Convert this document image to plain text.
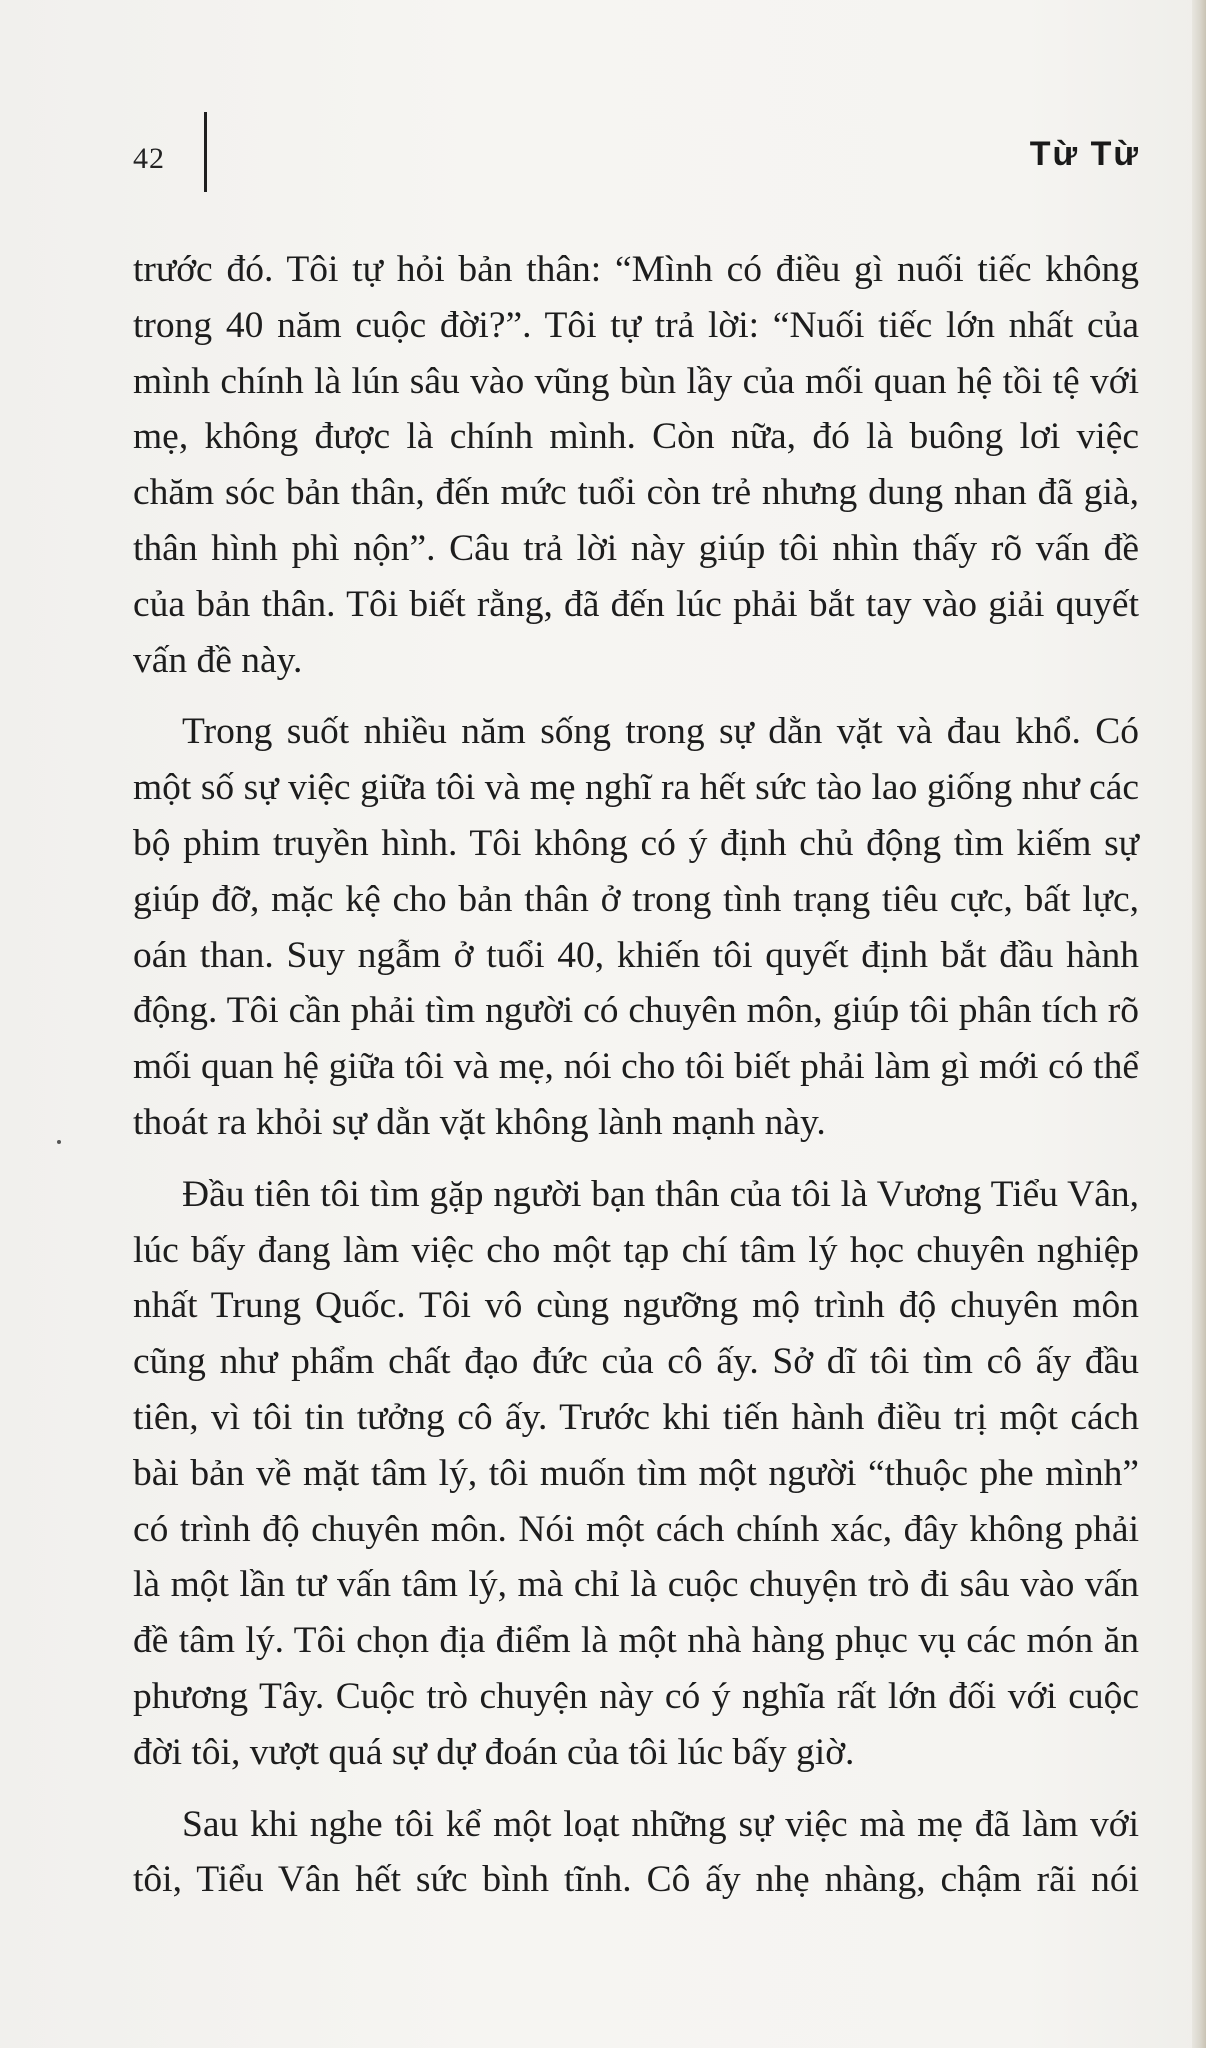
42	Từ Từ

trước đó. Tôi tự hỏi bản thân: “Mình có điều gì nuối tiếc không trong 40 năm cuộc đời?”. Tôi tự trả lời: “Nuối tiếc lớn nhất của mình chính là lún sâu vào vũng bùn lầy của mối quan hệ tồi tệ với mẹ, không được là chính mình. Còn nữa, đó là buông lơi việc chăm sóc bản thân, đến mức tuổi còn trẻ nhưng dung nhan đã già, thân hình phì nộn”. Câu trả lời này giúp tôi nhìn thấy rõ vấn đề của bản thân. Tôi biết rằng, đã đến lúc phải bắt tay vào giải quyết vấn đề này.

Trong suốt nhiều năm sống trong sự dằn vặt và đau khổ. Có một số sự việc giữa tôi và mẹ nghĩ ra hết sức tào lao giống như các bộ phim truyền hình. Tôi không có ý định chủ động tìm kiếm sự giúp đỡ, mặc kệ cho bản thân ở trong tình trạng tiêu cực, bất lực, oán than. Suy ngẫm ở tuổi 40, khiến tôi quyết định bắt đầu hành động. Tôi cần phải tìm người có chuyên môn, giúp tôi phân tích rõ mối quan hệ giữa tôi và mẹ, nói cho tôi biết phải làm gì mới có thể thoát ra khỏi sự dằn vặt không lành mạnh này.

Đầu tiên tôi tìm gặp người bạn thân của tôi là Vương Tiểu Vân, lúc bấy đang làm việc cho một tạp chí tâm lý học chuyên nghiệp nhất Trung Quốc. Tôi vô cùng ngưỡng mộ trình độ chuyên môn cũng như phẩm chất đạo đức của cô ấy. Sở dĩ tôi tìm cô ấy đầu tiên, vì tôi tin tưởng cô ấy. Trước khi tiến hành điều trị một cách bài bản về mặt tâm lý, tôi muốn tìm một người “thuộc phe mình” có trình độ chuyên môn. Nói một cách chính xác, đây không phải là một lần tư vấn tâm lý, mà chỉ là cuộc chuyện trò đi sâu vào vấn đề tâm lý. Tôi chọn địa điểm là một nhà hàng phục vụ các món ăn phương Tây. Cuộc trò chuyện này có ý nghĩa rất lớn đối với cuộc đời tôi, vượt quá sự dự đoán của tôi lúc bấy giờ.

Sau khi nghe tôi kể một loạt những sự việc mà mẹ đã làm với tôi, Tiểu Vân hết sức bình tĩnh. Cô ấy nhẹ nhàng, chậm rãi nói
